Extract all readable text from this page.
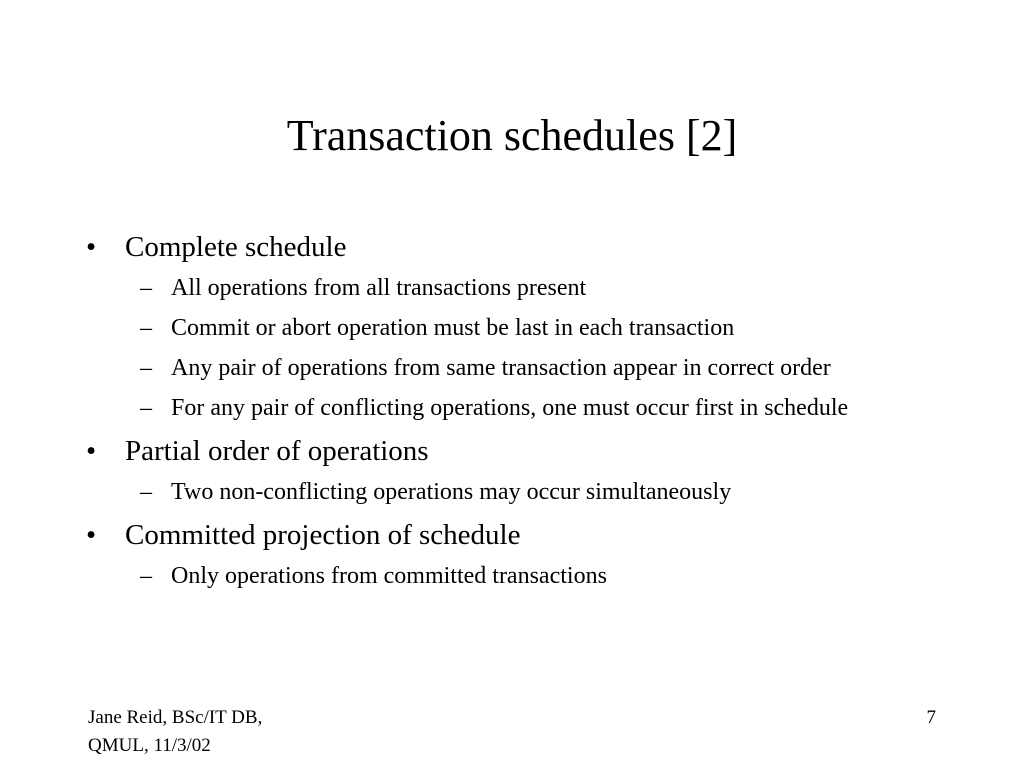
Transaction schedules [2]
• Complete schedule
– All operations from all transactions present
– Commit or abort operation must be last in each transaction
– Any pair of operations from same transaction appear in correct order
– For any pair of conflicting operations, one must occur first in schedule
• Partial order of operations
– Two non-conflicting operations may occur simultaneously
• Committed projection of schedule
– Only operations from committed transactions
Jane Reid, BSc/IT DB,
QMUL, 11/3/02
7
